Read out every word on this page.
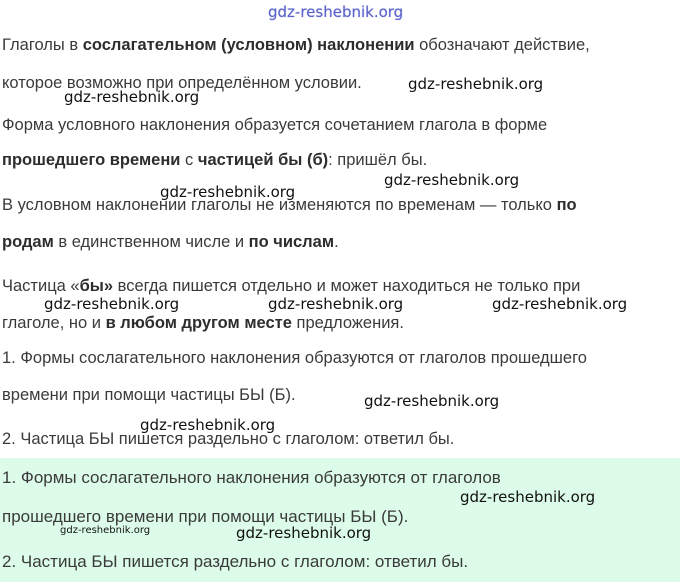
gdz-reshebnik.org
Глаголы в сослагательном (условном) наклонении обозначают действие,
которое возможно при определённом условии.
Форма условного наклонения образуется сочетанием глагола в форме
прошедшего времени с частицей бы (б): пришёл бы.
В условном наклонении глаголы не изменяются по временам — только по
родам в единственном числе и по числам.
Частица «бы» всегда пишется отдельно и может находиться не только при
глаголе, но и в любом другом месте предложения.
1. Формы сослагательного наклонения образуются от глаголов прошедшего
времени при помощи частицы БЫ (Б).
2. Частица БЫ пишется раздельно с глаголом: ответил бы.
1. Формы сослагательного наклонения образуются от глаголов
прошедшего времени при помощи частицы БЫ (Б).
2. Частица БЫ пишется раздельно с глаголом: ответил бы.
gdz-reshebnik.org
gdz-reshebnik.org
gdz-reshebnik.org
gdz-reshebnik.org
gdz-reshebnik.org	gdz-reshebnik.org	gdz-reshebnik.org
gdz-reshebnik.org
gdz-reshebnik.org
gdz-reshebnik.org
gdz-reshebnik.org	gdz-reshebnik.org
